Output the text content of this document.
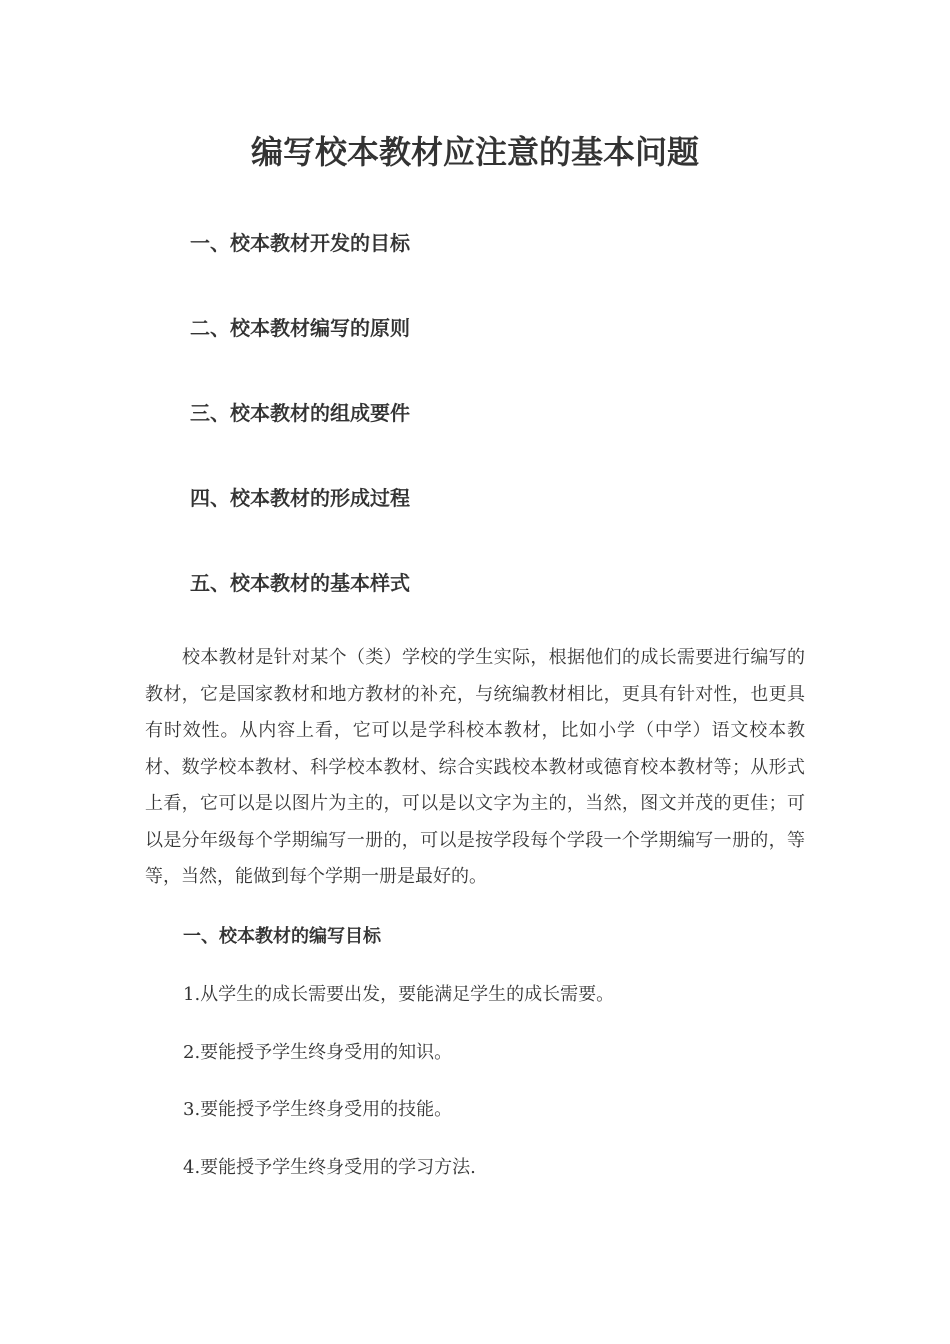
编写校本教材应注意的基本问题

一、校本教材开发的目标

二、校本教材编写的原则

三、校本教材的组成要件

四、校本教材的形成过程

五、校本教材的基本样式

校本教材是针对某个（类）学校的学生实际，根据他们的成长需要进行编写的教材，它是国家教材和地方教材的补充，与统编教材相比，更具有针对性，也更具有时效性。从内容上看，它可以是学科校本教材，比如小学（中学）语文校本教材、数学校本教材、科学校本教材、综合实践校本教材或德育校本教材等；从形式上看，它可以是以图片为主的，可以是以文字为主的，当然，图文并茂的更佳；可以是分年级每个学期编写一册的，可以是按学段每个学段一个学期编写一册的，等等，当然，能做到每个学期一册是最好的。

一、校本教材的编写目标

1.从学生的成长需要出发，要能满足学生的成长需要。

2.要能授予学生终身受用的知识。

3.要能授予学生终身受用的技能。

4.要能授予学生终身受用的学习方法.
